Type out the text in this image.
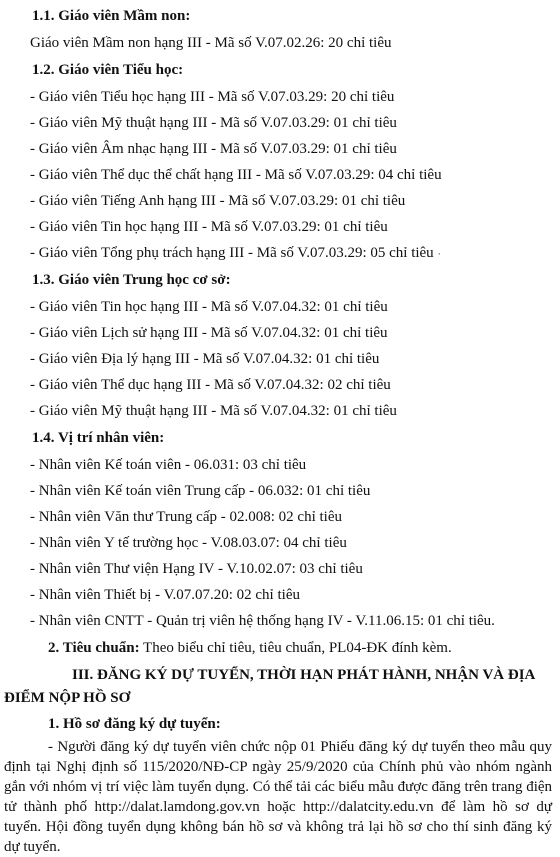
1.1. Giáo viên Mầm non:
Giáo viên Mầm non hạng III - Mã số V.07.02.26: 20 chỉ tiêu
1.2. Giáo viên Tiểu học:
- Giáo viên Tiểu học hạng III - Mã số V.07.03.29: 20 chỉ tiêu
- Giáo viên Mỹ thuật hạng III - Mã số V.07.03.29: 01 chỉ tiêu
- Giáo viên Âm nhạc hạng III - Mã số V.07.03.29: 01 chỉ tiêu
- Giáo viên Thể dục thể chất hạng III - Mã số V.07.03.29: 04 chỉ tiêu
- Giáo viên Tiếng Anh hạng III - Mã số V.07.03.29: 01 chỉ tiêu
- Giáo viên Tin học hạng III - Mã số V.07.03.29: 01 chỉ tiêu
- Giáo viên Tổng phụ trách hạng III - Mã số V.07.03.29: 05 chỉ tiêu ·
1.3. Giáo viên Trung học cơ sở:
- Giáo viên Tin học hạng III - Mã số V.07.04.32: 01 chỉ tiêu
- Giáo viên Lịch sử hạng III - Mã số V.07.04.32: 01 chỉ tiêu
- Giáo viên Địa lý hạng III - Mã số V.07.04.32: 01 chỉ tiêu
- Giáo viên Thể dục hạng III - Mã số V.07.04.32: 02 chỉ tiêu
- Giáo viên Mỹ thuật hạng III - Mã số V.07.04.32: 01 chỉ tiêu
1.4. Vị trí nhân viên:
- Nhân viên Kế toán viên - 06.031: 03 chỉ tiêu
- Nhân viên Kế toán viên Trung cấp - 06.032: 01 chỉ tiêu
- Nhân viên Văn thư Trung cấp - 02.008: 02 chỉ tiêu
- Nhân viên Y tế trường học - V.08.03.07: 04 chỉ tiêu
- Nhân viên Thư viện Hạng IV - V.10.02.07: 03 chỉ tiêu
- Nhân viên Thiết bị - V.07.07.20: 02 chỉ tiêu
- Nhân viên CNTT - Quản trị viên hệ thống hạng IV - V.11.06.15: 01 chỉ tiêu.
2. Tiêu chuẩn: Theo biểu chỉ tiêu, tiêu chuẩn, PL04-ĐK đính kèm.
III. ĐĂNG KÝ DỰ TUYỂN, THỜI HẠN PHÁT HÀNH, NHẬN VÀ ĐỊA
ĐIỂM NỘP HỒ SƠ
1. Hồ sơ đăng ký dự tuyển:
- Người đăng ký dự tuyển viên chức nộp 01 Phiếu đăng ký dự tuyển theo mẫu quy định tại Nghị định số 115/2020/NĐ-CP ngày 25/9/2020 của Chính phủ vào nhóm ngành gắn với nhóm vị trí việc làm tuyển dụng. Có thể tải các biểu mẫu được đăng trên trang điện tử thành phố http://dalat.lamdong.gov.vn hoặc http://dalatcity.edu.vn để làm hồ sơ dự tuyển. Hội đồng tuyển dụng không bán hồ sơ và không trả lại hồ sơ cho thí sinh đăng ký dự tuyển.
